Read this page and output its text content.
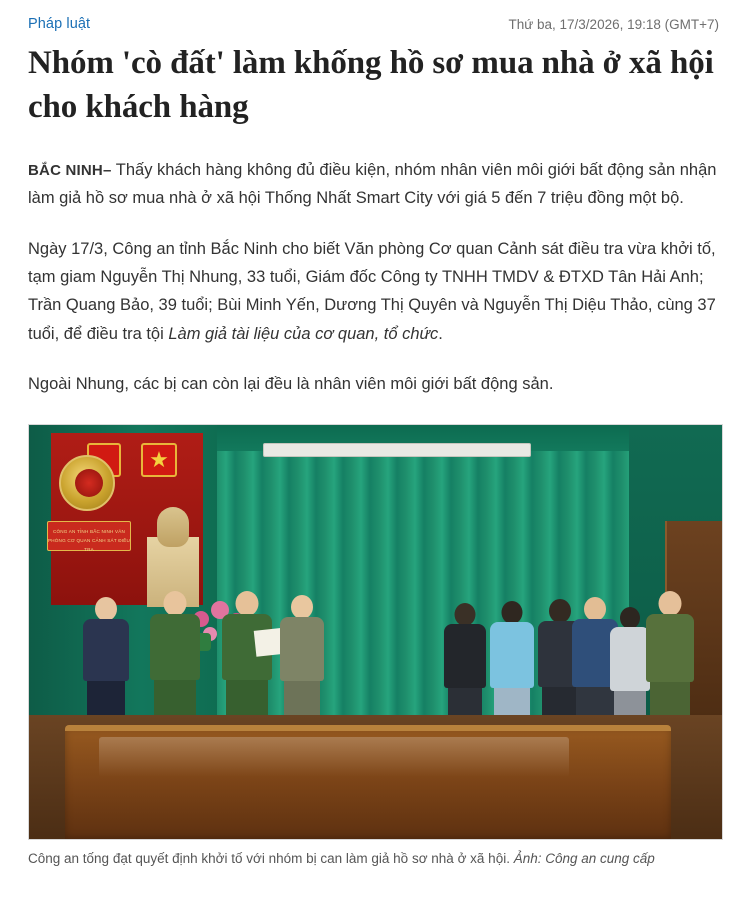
Pháp luật	Thứ ba, 17/3/2026, 19:18 (GMT+7)
Nhóm 'cò đất' làm khống hồ sơ mua nhà ở xã hội cho khách hàng

BẮC NINH– Thấy khách hàng không đủ điều kiện, nhóm nhân viên môi giới bất động sản nhận làm giả hồ sơ mua nhà ở xã hội Thống Nhất Smart City với giá 5 đến 7 triệu đồng một bộ.

Ngày 17/3, Công an tỉnh Bắc Ninh cho biết Văn phòng Cơ quan Cảnh sát điều tra vừa khởi tố, tạm giam Nguyễn Thị Nhung, 33 tuổi, Giám đốc Công ty TNHH TMDV & ĐTXD Tân Hải Anh; Trần Quang Bảo, 39 tuổi; Bùi Minh Yến, Dương Thị Quyên và Nguyễn Thị Diệu Thảo, cùng 37 tuổi, để điều tra tội Làm giả tài liệu của cơ quan, tổ chức.

Ngoài Nhung, các bị can còn lại đều là nhân viên môi giới bất động sản.

★
CÔNG AN TỈNH BẮC NINH VĂN PHÒNG CƠ QUAN CẢNH SÁT ĐIỀU TRA
Công an tống đạt quyết định khởi tố với nhóm bị can làm giả hồ sơ nhà ở xã hội. Ảnh: Công an cung cấp
